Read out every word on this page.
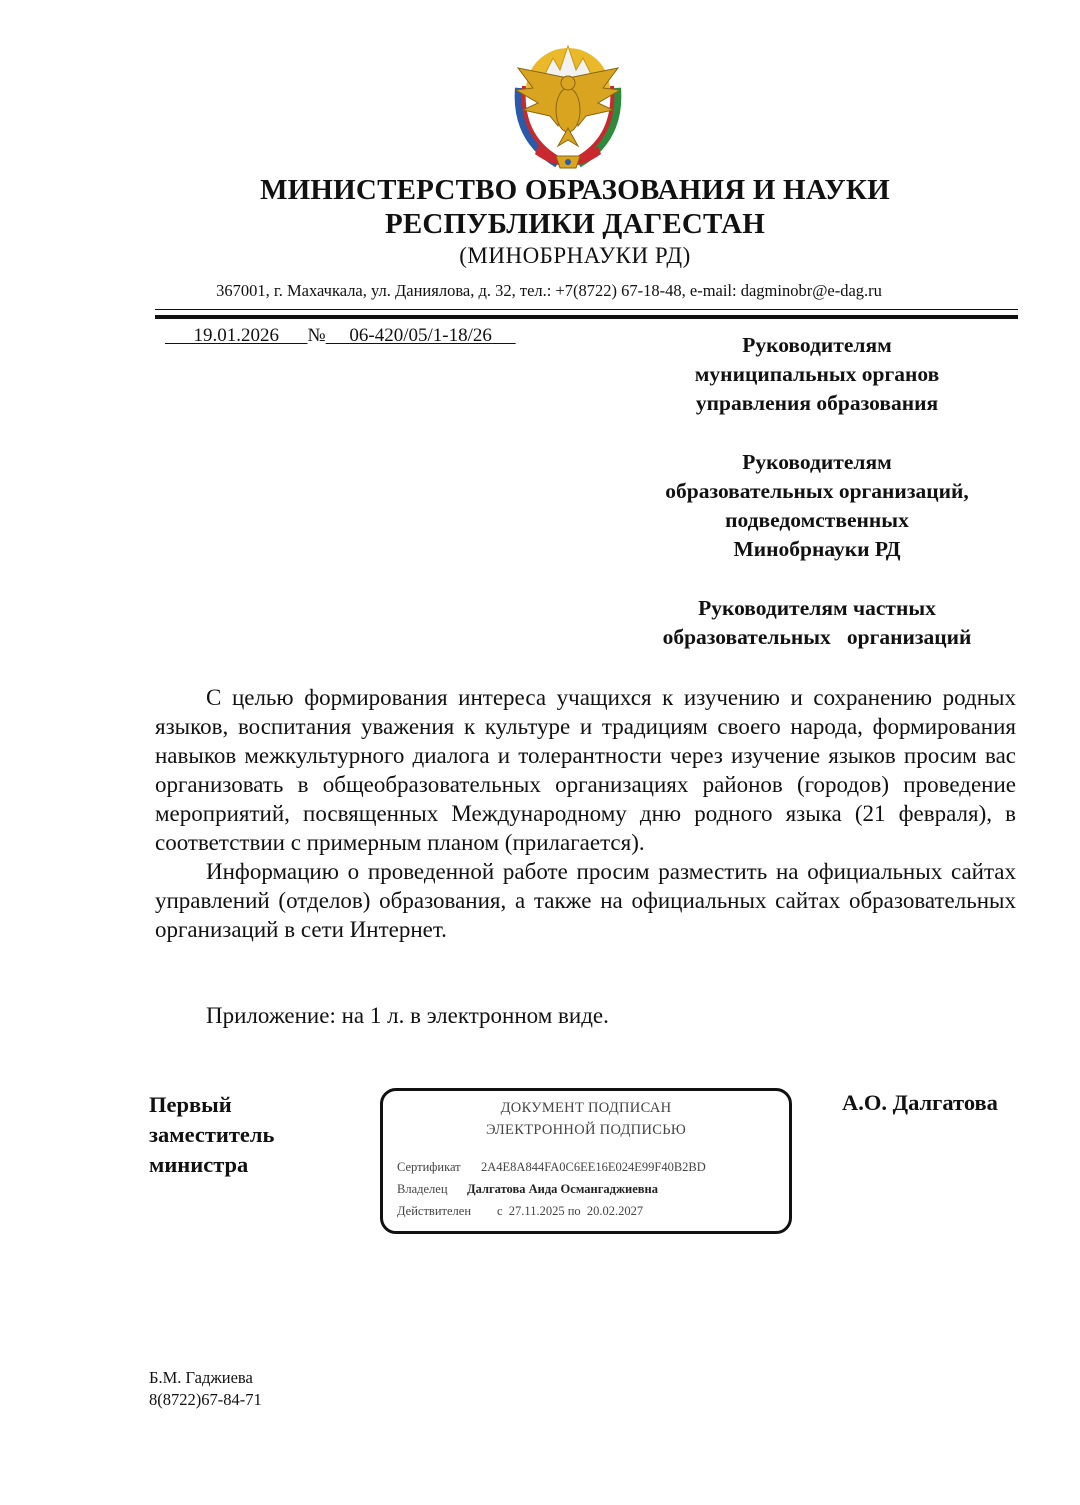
МИНИСТЕРСТВО ОБРАЗОВАНИЯ И НАУКИ
РЕСПУБЛИКИ ДАГЕСТАН
(МИНОБРНАУКИ РД)
367001, г. Махачкала, ул. Даниялова, д. 32, тел.: +7(8722) 67-18-48, e-mail: dagminobr@e-dag.ru
19.01.2026 № 06-420/05/1-18/26	Руководителям
муниципальных органов
управления образования
Руководителям
образовательных организаций,
подведомственных
Минобрнауки РД
Руководителям частных
образовательных   организаций

С целью формирования интереса учащихся к изучению и сохранению родных языков, воспитания уважения к культуре и традициям своего народа, формирования навыков межкультурного диалога и толерантности через изучение языков просим вас организовать в общеобразовательных организациях районов (городов) проведение мероприятий, посвященных Международному дню родного языка (21 февраля), в соответствии с примерным планом (прилагается).

Информацию о проведенной работе просим разместить на официальных сайтах управлений (отделов) образования, а также на официальных сайтах образовательных организаций в сети Интернет.

Приложение: на 1 л. в электронном виде.
Первый
заместитель
министра
А.О. Далгатова
ДОКУМЕНТ ПОДПИСАН
ЭЛЕКТРОННОЙ ПОДПИСЬЮ
Сертификат 2A4E8A844FA0C6EE16E024E99F40B2BD
Владелец Далгатова Аида Османгаджиевна
Действителен с  27.11.2025 по  20.02.2027
Б.М. Гаджиева
8(8722)67-84-71
